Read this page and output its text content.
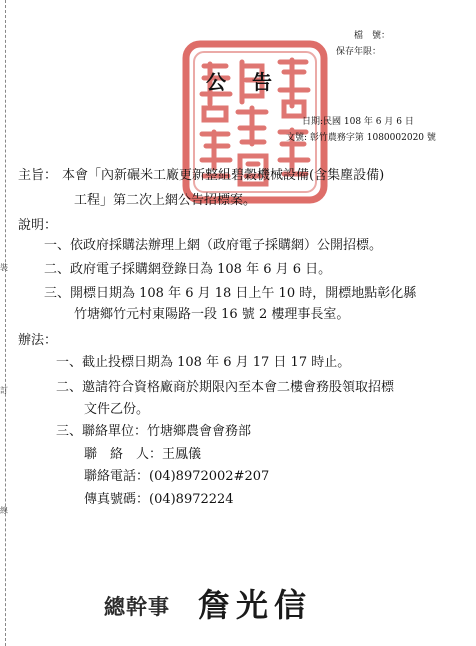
裝
訂
線
檔　號：
保存年限：
公告
日期:民國 108 年 6 月 6 日
文號: 彰竹農務字第 1080002020 號
主旨： 本會「內新碾米工廠更新整組碧穀機械設備(含集塵設備)
工程」第二次上網公告招標案。
說明：
一、依政府採購法辦理上網（政府電子採購網）公開招標。
二、政府電子採購網登錄日為 108 年 6 月 6 日。
三、開標日期為 108 年 6 月 18 日上午 10 時，開標地點彰化縣
竹塘鄉竹元村東陽路一段 16 號 2 樓理事長室。
辦法：
一、截止投標日期為 108 年 6 月 17 日 17 時止。
二、邀請符合資格廠商於期限內至本會二樓會務股領取招標
文件乙份。
三、聯絡單位：竹塘鄉農會會務部
聯　絡　人：王鳳儀
聯絡電話：(04)8972002#207
傳真號碼：(04)8972224
總幹事 詹光信
